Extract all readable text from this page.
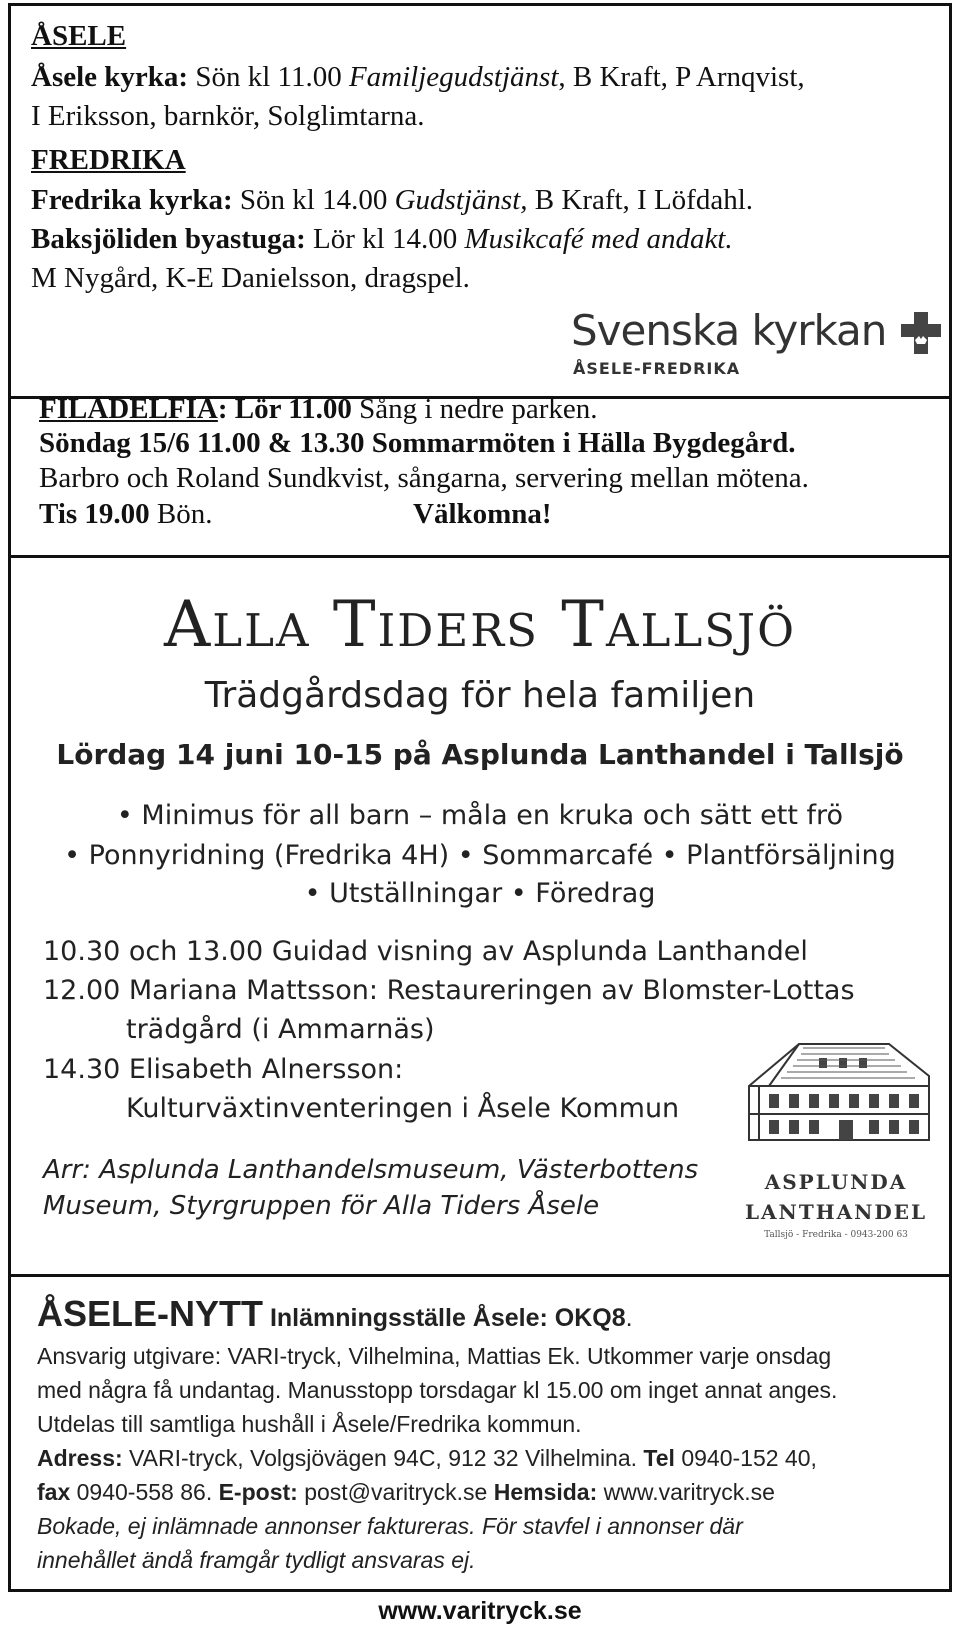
ÅSELE
Åsele kyrka: Sön kl 11.00 Familjegudstjänst, B Kraft, P Arnqvist,
I Eriksson, barnkör, Solglimtarna.
FREDRIKA
Fredrika kyrka: Sön kl 14.00 Gudstjänst, B Kraft, I Löfdahl.
Baksjöliden byastuga: Lör kl 14.00 Musikcafé med andakt.
M Nygård, K-E Danielsson, dragspel.
Svenska kyrkan
ÅSELE-FREDRIKA
FILADELFIA: Lör 11.00 Sång i nedre parken.
Söndag 15/6 11.00 & 13.30 Sommarmöten i Hälla Bygdegård.
Barbro och Roland Sundkvist, sångarna, servering mellan mötena.
Tis 19.00 Bön.	Välkomna!
Alla Tiders Tallsjö
Trädgårdsdag för hela familjen
Lördag 14 juni 10-15 på Asplunda Lanthandel i Tallsjö
• Minimus för all barn – måla en kruka och sätt ett frö
• Ponnyridning (Fredrika 4H) • Sommarcafé • Plantförsäljning
• Utställningar • Föredrag
10.30 och 13.00 Guidad visning av Asplunda Lanthandel
12.00 Mariana Mattsson: Restaureringen av Blomster-Lottas
trädgård (i Ammarnäs)
14.30 Elisabeth Alnersson:
Kulturväxtinventeringen i Åsele Kommun
Arr: Asplunda Lanthandelsmuseum, Västerbottens
Museum, Styrgruppen för Alla Tiders Åsele
ASPLUNDA
LANTHANDEL
Tallsjö - Fredrika - 0943-200 63
ÅSELE-NYTT Inlämningsställe Åsele: OKQ8.
Ansvarig utgivare: VARI-tryck, Vilhelmina, Mattias Ek. Utkommer varje onsdag
med några få undantag. Manusstopp torsdagar kl 15.00 om inget annat anges.
Utdelas till samtliga hushåll i Åsele/Fredrika kommun.
Adress: VARI-tryck, Volgsjövägen 94C, 912 32 Vilhelmina. Tel 0940-152 40,
fax 0940-558 86. E-post: post@varitryck.se Hemsida: www.varitryck.se
Bokade, ej inlämnade annonser faktureras. För stavfel i annonser där
innehållet ändå framgår tydligt ansvaras ej.
www.varitryck.se
